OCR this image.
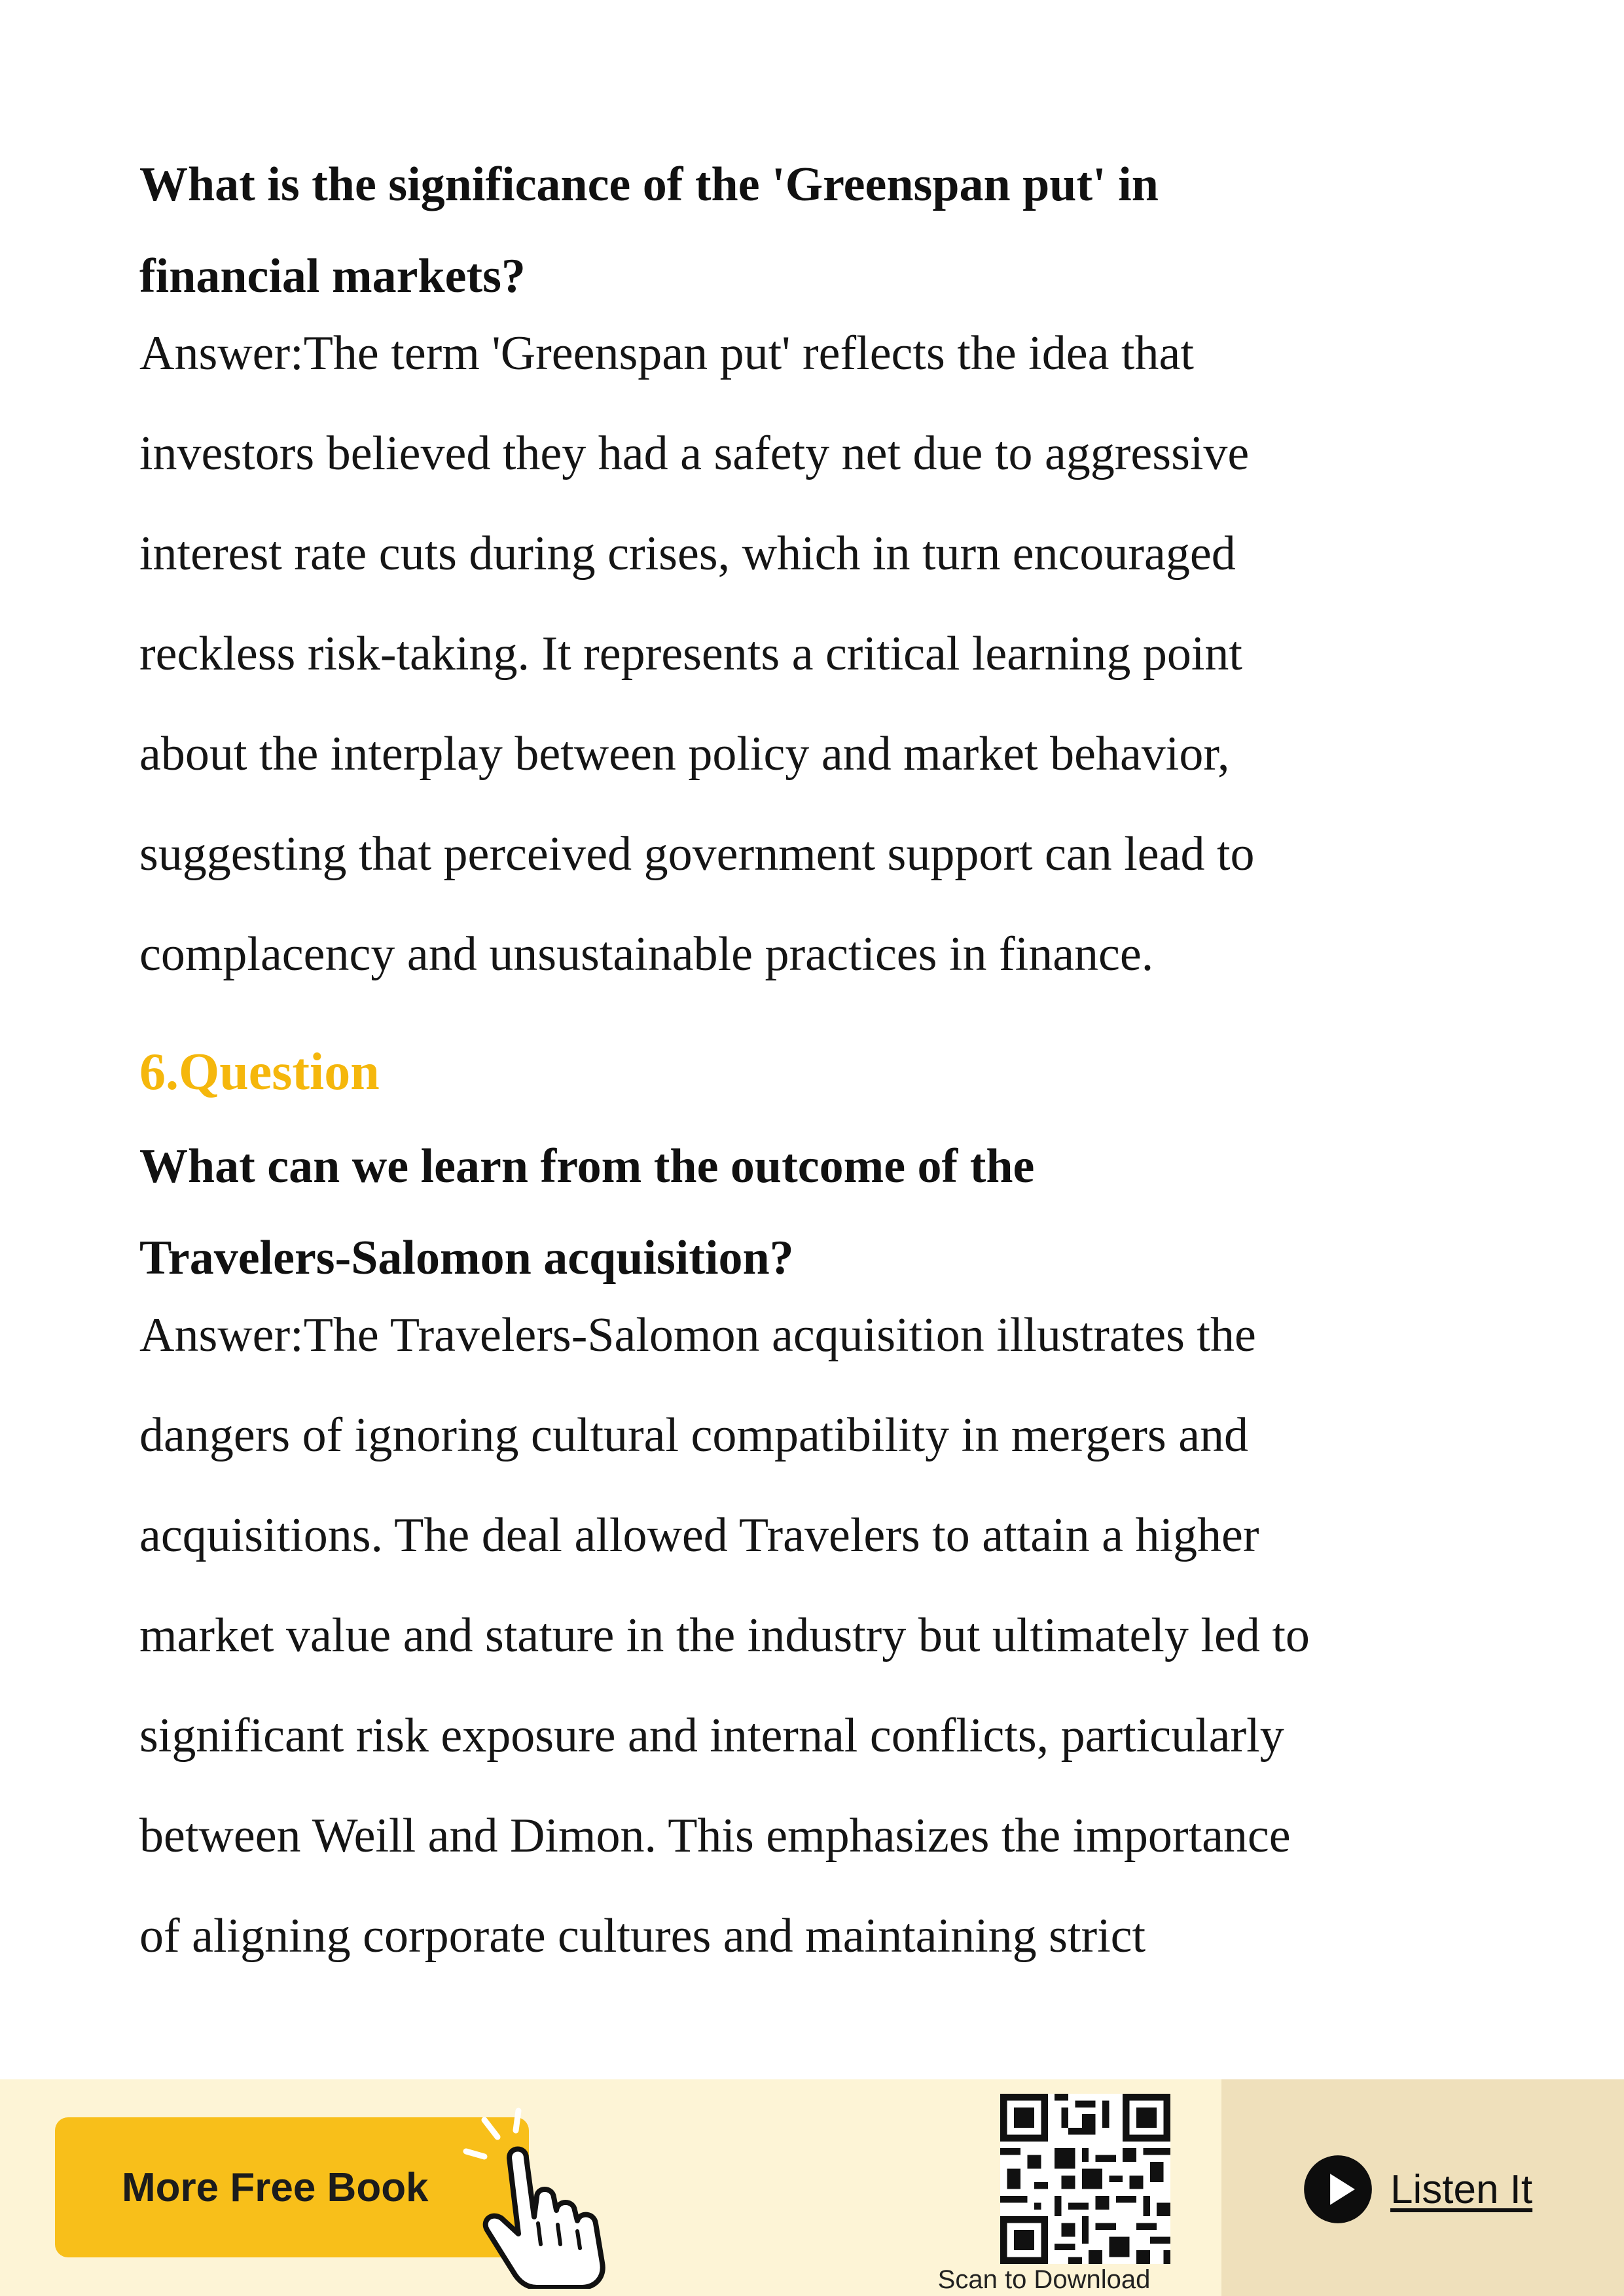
What is the significance of the 'Greenspan put' in

financial markets?

Answer:The term 'Greenspan put' reflects the idea that

investors believed they had a safety net due to aggressive

interest rate cuts during crises, which in turn encouraged

reckless risk-taking. It represents a critical learning point

about the interplay between policy and market behavior,

suggesting that perceived government support can lead to

complacency and unsustainable practices in finance.

6.Question

What can we learn from the outcome of the

Travelers-Salomon acquisition?

Answer:The Travelers-Salomon acquisition illustrates the

dangers of ignoring cultural compatibility in mergers and

acquisitions. The deal allowed Travelers to attain a higher

market value and stature in the industry but ultimately led to

significant risk exposure and internal conflicts, particularly

between Weill and Dimon. This emphasizes the importance

of aligning corporate cultures and maintaining strict

More Free Book
Scan to Download
Listen It
